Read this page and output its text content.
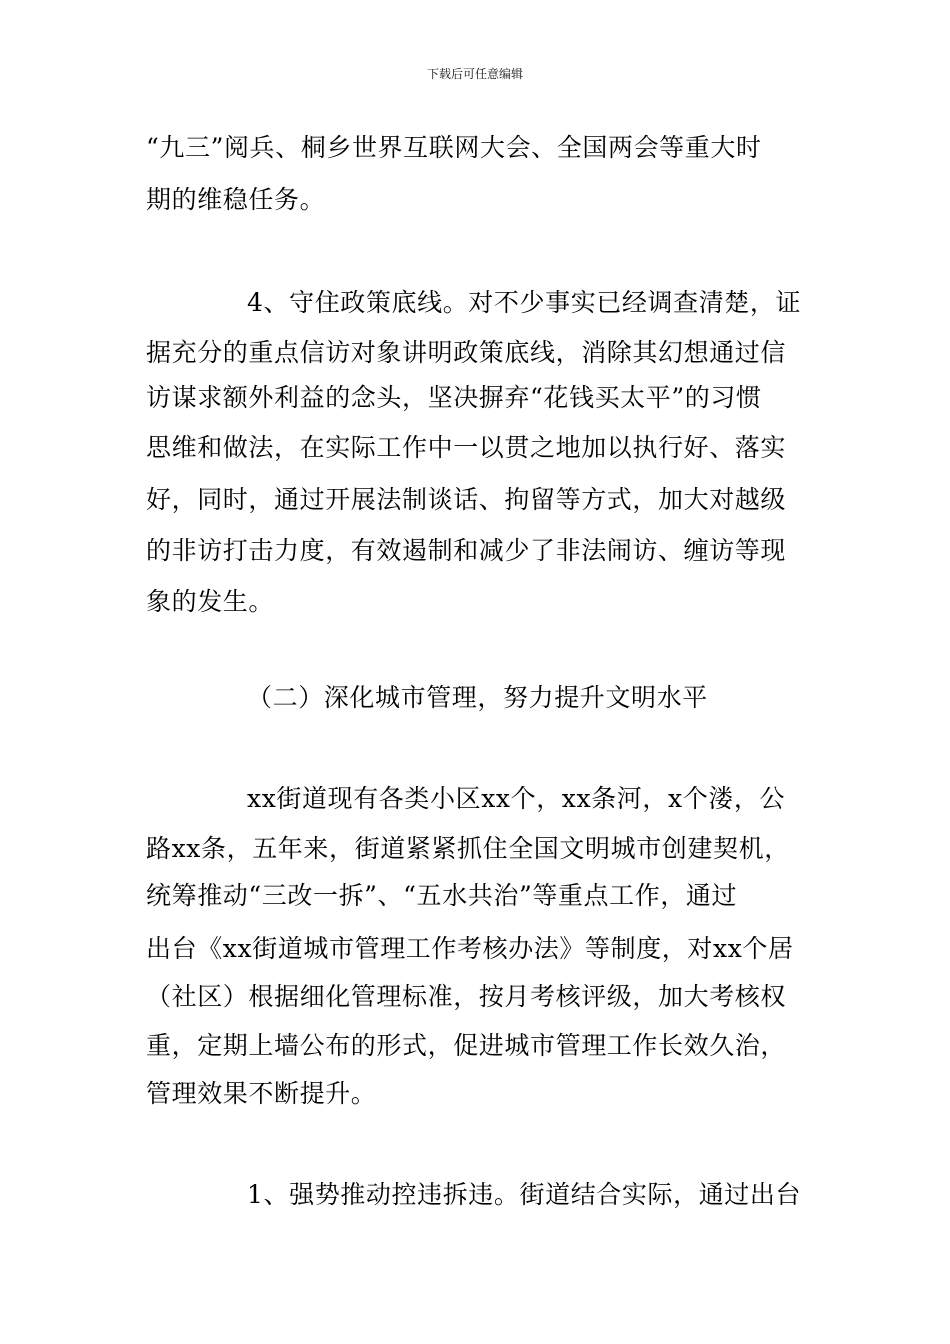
下载后可任意编辑
“九三”阅兵、桐乡世界互联网大会、全国两会等重大时
期的维稳任务。
4、守住政策底线。对不少事实已经调查清楚，证
据充分的重点信访对象讲明政策底线，消除其幻想通过信
访谋求额外利益的念头，坚决摒弃“花钱买太平”的习惯
思维和做法，在实际工作中一以贯之地加以执行好、落实
好，同时，通过开展法制谈话、拘留等方式，加大对越级
的非访打击力度，有效遏制和减少了非法闹访、缠访等现
象的发生。
（二）深化城市管理，努力提升文明水平
xx街道现有各类小区xx个，xx条河，x个溇，公
路xx条，五年来，街道紧紧抓住全国文明城市创建契机，
统筹推动“三改一拆”、“五水共治”等重点工作，通过
出台《xx街道城市管理工作考核办法》等制度，对xx个居
（社区）根据细化管理标准，按月考核评级，加大考核权
重，定期上墙公布的形式，促进城市管理工作长效久治，
管理效果不断提升。
1、强势推动控违拆违。街道结合实际，通过出台
